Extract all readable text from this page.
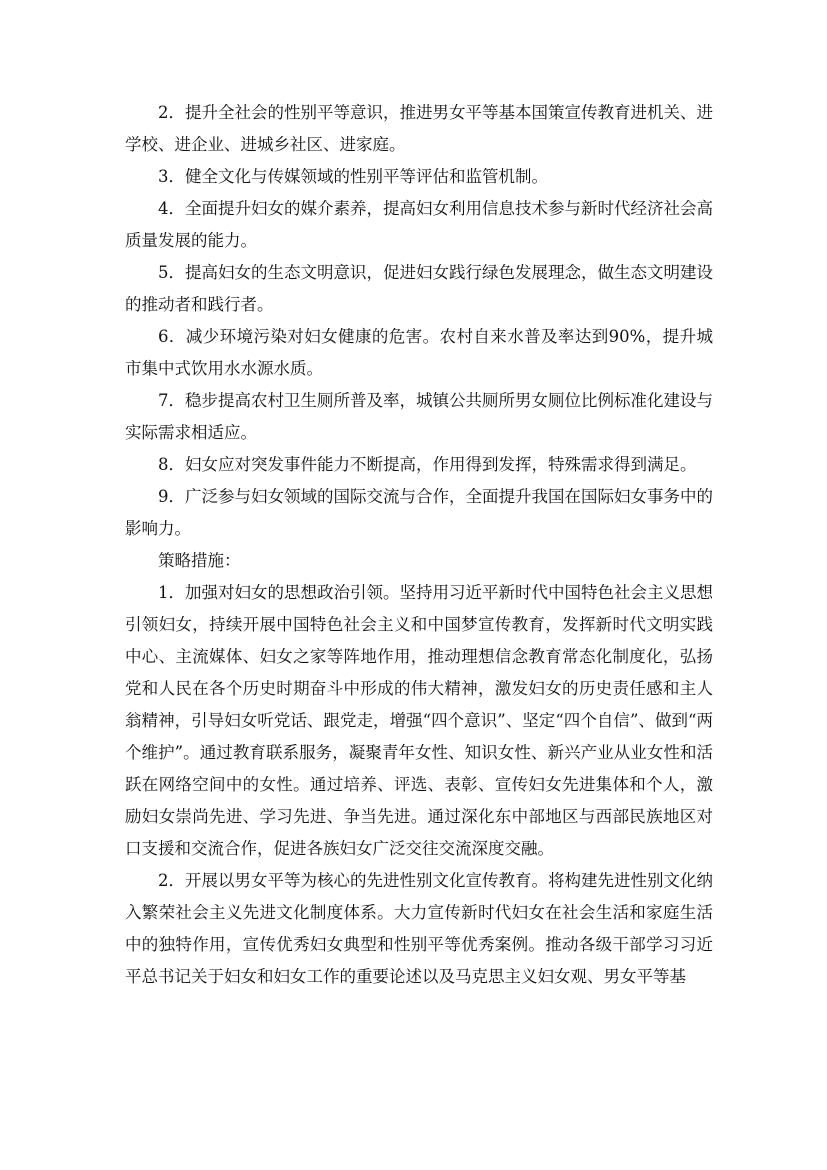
2．提升全社会的性别平等意识，推进男女平等基本国策宣传教育进机关、进学校、进企业、进城乡社区、进家庭。

3．健全文化与传媒领域的性别平等评估和监管机制。

4．全面提升妇女的媒介素养，提高妇女利用信息技术参与新时代经济社会高质量发展的能力。

5．提高妇女的生态文明意识，促进妇女践行绿色发展理念，做生态文明建设的推动者和践行者。

6．减少环境污染对妇女健康的危害。农村自来水普及率达到90%，提升城市集中式饮用水水源水质。

7．稳步提高农村卫生厕所普及率，城镇公共厕所男女厕位比例标准化建设与实际需求相适应。

8．妇女应对突发事件能力不断提高，作用得到发挥，特殊需求得到满足。

9．广泛参与妇女领域的国际交流与合作，全面提升我国在国际妇女事务中的影响力。

策略措施：

1．加强对妇女的思想政治引领。坚持用习近平新时代中国特色社会主义思想引领妇女，持续开展中国特色社会主义和中国梦宣传教育，发挥新时代文明实践中心、主流媒体、妇女之家等阵地作用，推动理想信念教育常态化制度化，弘扬党和人民在各个历史时期奋斗中形成的伟大精神，激发妇女的历史责任感和主人翁精神，引导妇女听党话、跟党走，增强“四个意识”、坚定“四个自信”、做到“两个维护”。通过教育联系服务，凝聚青年女性、知识女性、新兴产业从业女性和活跃在网络空间中的女性。通过培养、评选、表彰、宣传妇女先进集体和个人，激励妇女崇尚先进、学习先进、争当先进。通过深化东中部地区与西部民族地区对口支援和交流合作，促进各族妇女广泛交往交流深度交融。

2．开展以男女平等为核心的先进性别文化宣传教育。将构建先进性别文化纳入繁荣社会主义先进文化制度体系。大力宣传新时代妇女在社会生活和家庭生活中的独特作用，宣传优秀妇女典型和性别平等优秀案例。推动各级干部学习习近平总书记关于妇女和妇女工作的重要论述以及马克思主义妇女观、男女平等基
